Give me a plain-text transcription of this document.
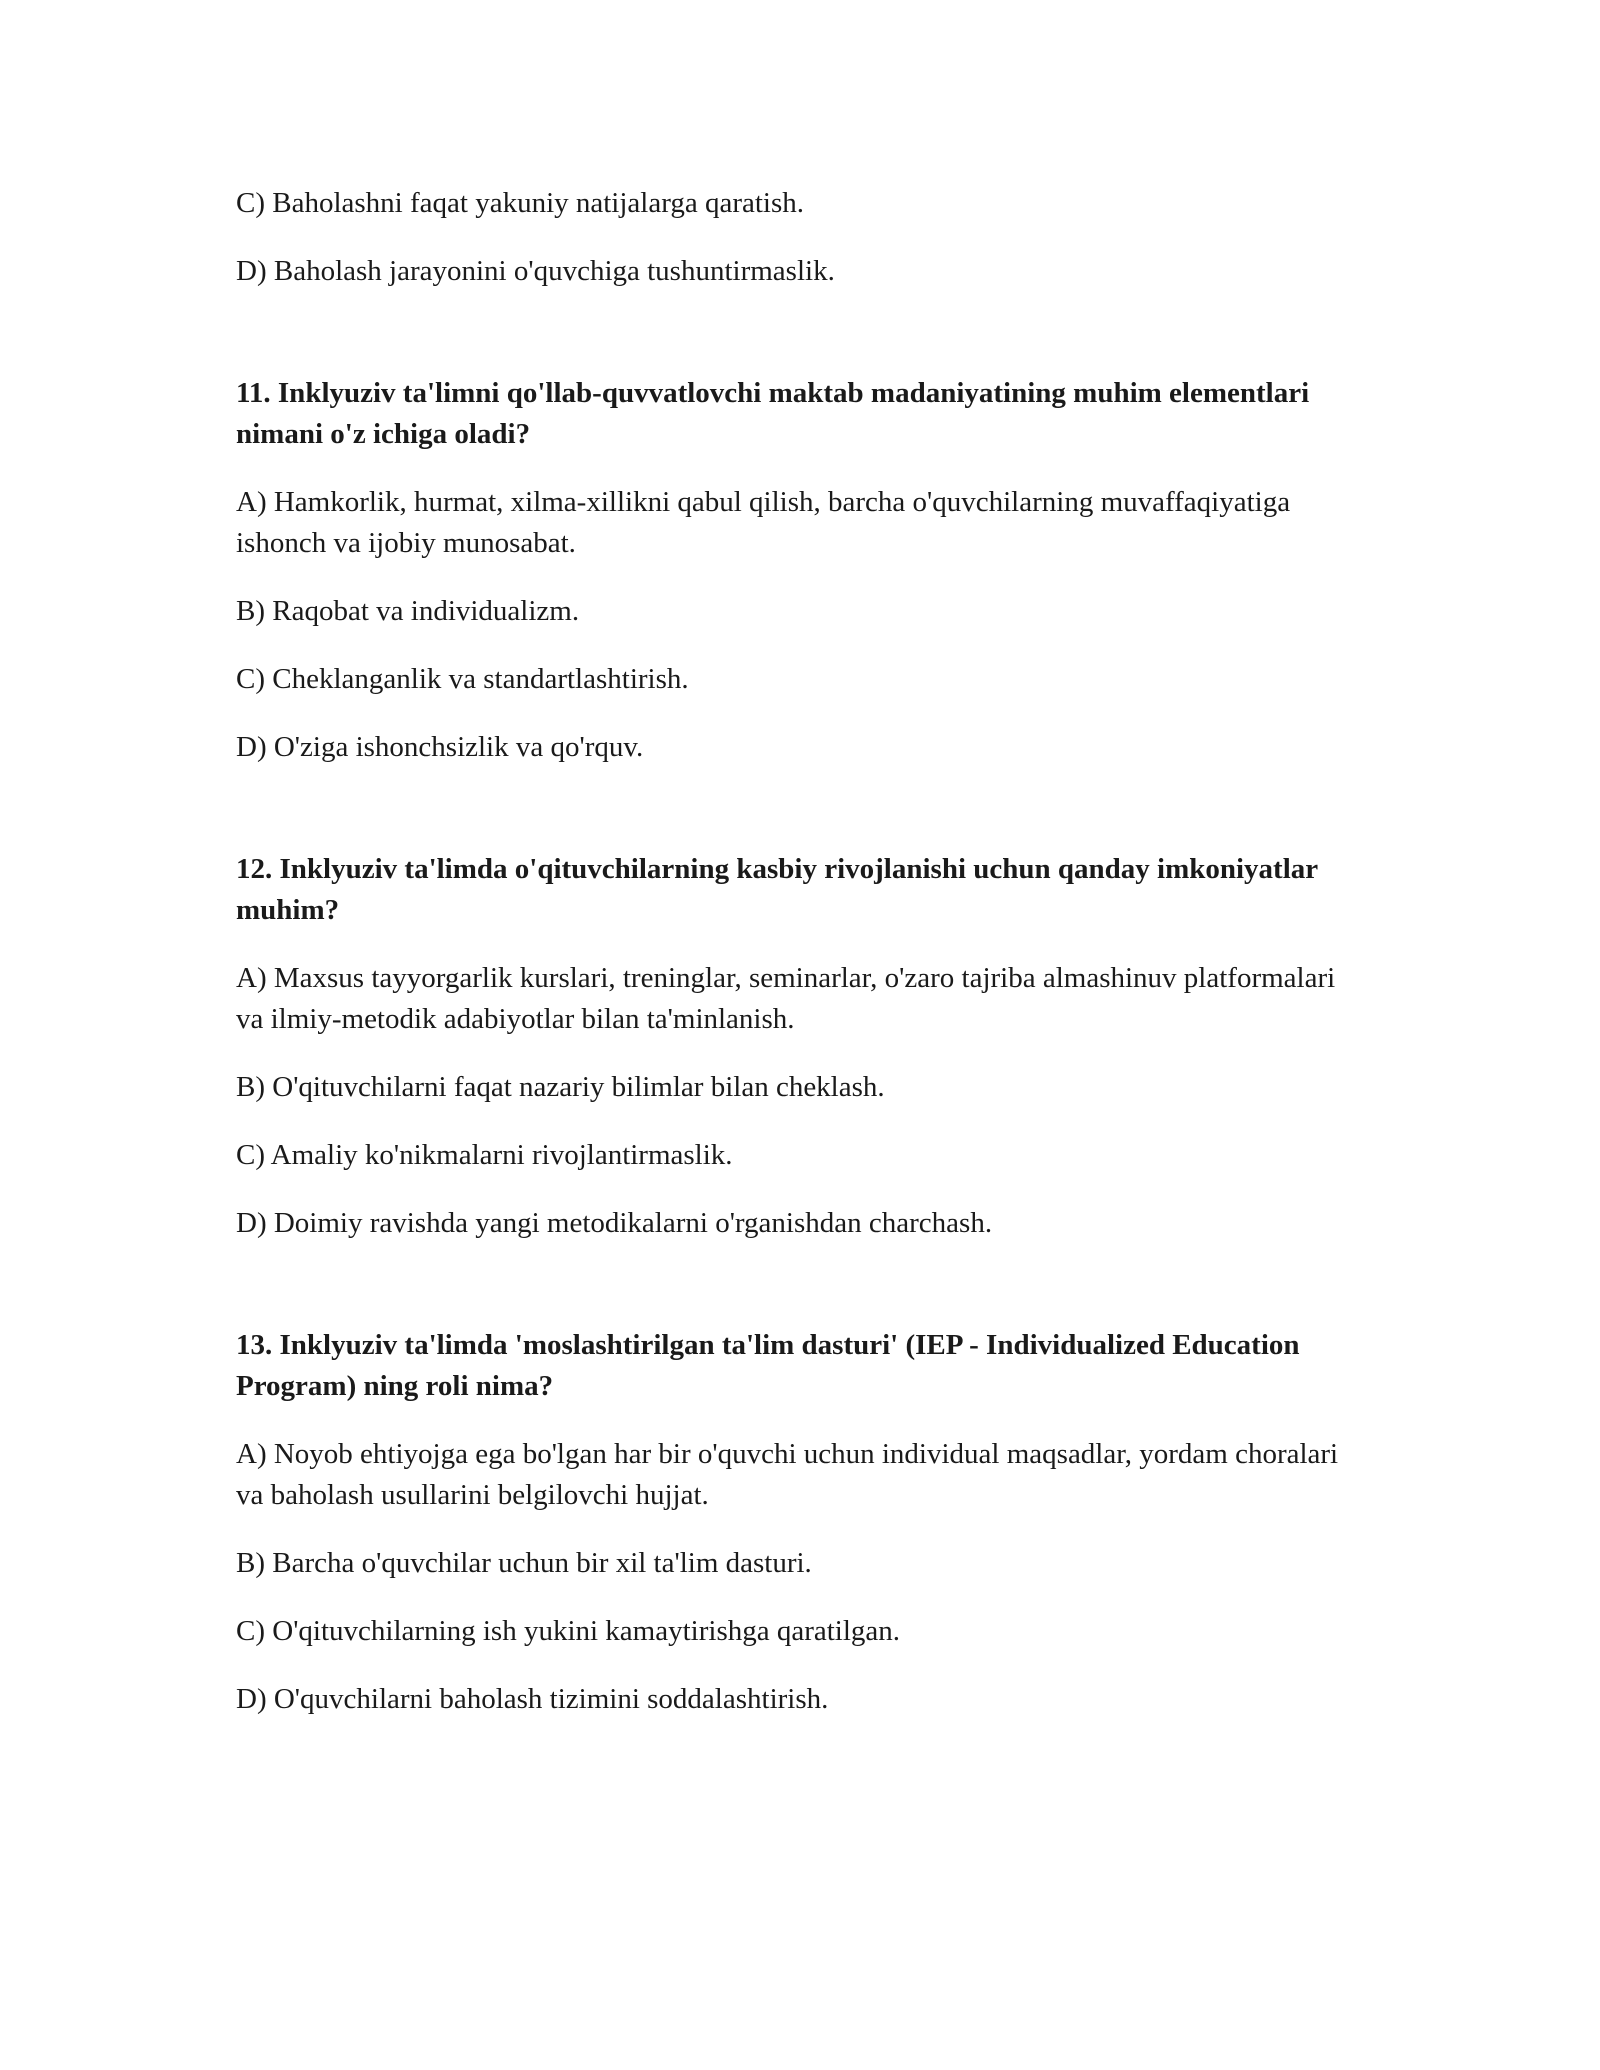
C) Baholashni faqat yakuniy natijalarga qaratish.

D) Baholash jarayonini o'quvchiga tushuntirmaslik.

11. Inklyuziv ta'limni qo'llab-quvvatlovchi maktab madaniyatining muhim elementlari nimani o'z ichiga oladi?

A) Hamkorlik, hurmat, xilma-xillikni qabul qilish, barcha o'quvchilarning muvaffaqiyatiga ishonch va ijobiy munosabat.

B) Raqobat va individualizm.

C) Cheklanganlik va standartlashtirish.

D) O'ziga ishonchsizlik va qo'rquv.

12. Inklyuziv ta'limda o'qituvchilarning kasbiy rivojlanishi uchun qanday imkoniyatlar muhim?

A) Maxsus tayyorgarlik kurslari, treninglar, seminarlar, o'zaro tajriba almashinuv platformalari va ilmiy-metodik adabiyotlar bilan ta'minlanish.

B) O'qituvchilarni faqat nazariy bilimlar bilan cheklash.

C) Amaliy ko'nikmalarni rivojlantirmaslik.

D) Doimiy ravishda yangi metodikalarni o'rganishdan charchash.

13. Inklyuziv ta'limda 'moslashtirilgan ta'lim dasturi' (IEP - Individualized Education Program) ning roli nima?

A) Noyob ehtiyojga ega bo'lgan har bir o'quvchi uchun individual maqsadlar, yordam choralari va baholash usullarini belgilovchi hujjat.

B) Barcha o'quvchilar uchun bir xil ta'lim dasturi.

C) O'qituvchilarning ish yukini kamaytirishga qaratilgan.

D) O'quvchilarni baholash tizimini soddalashtirish.
